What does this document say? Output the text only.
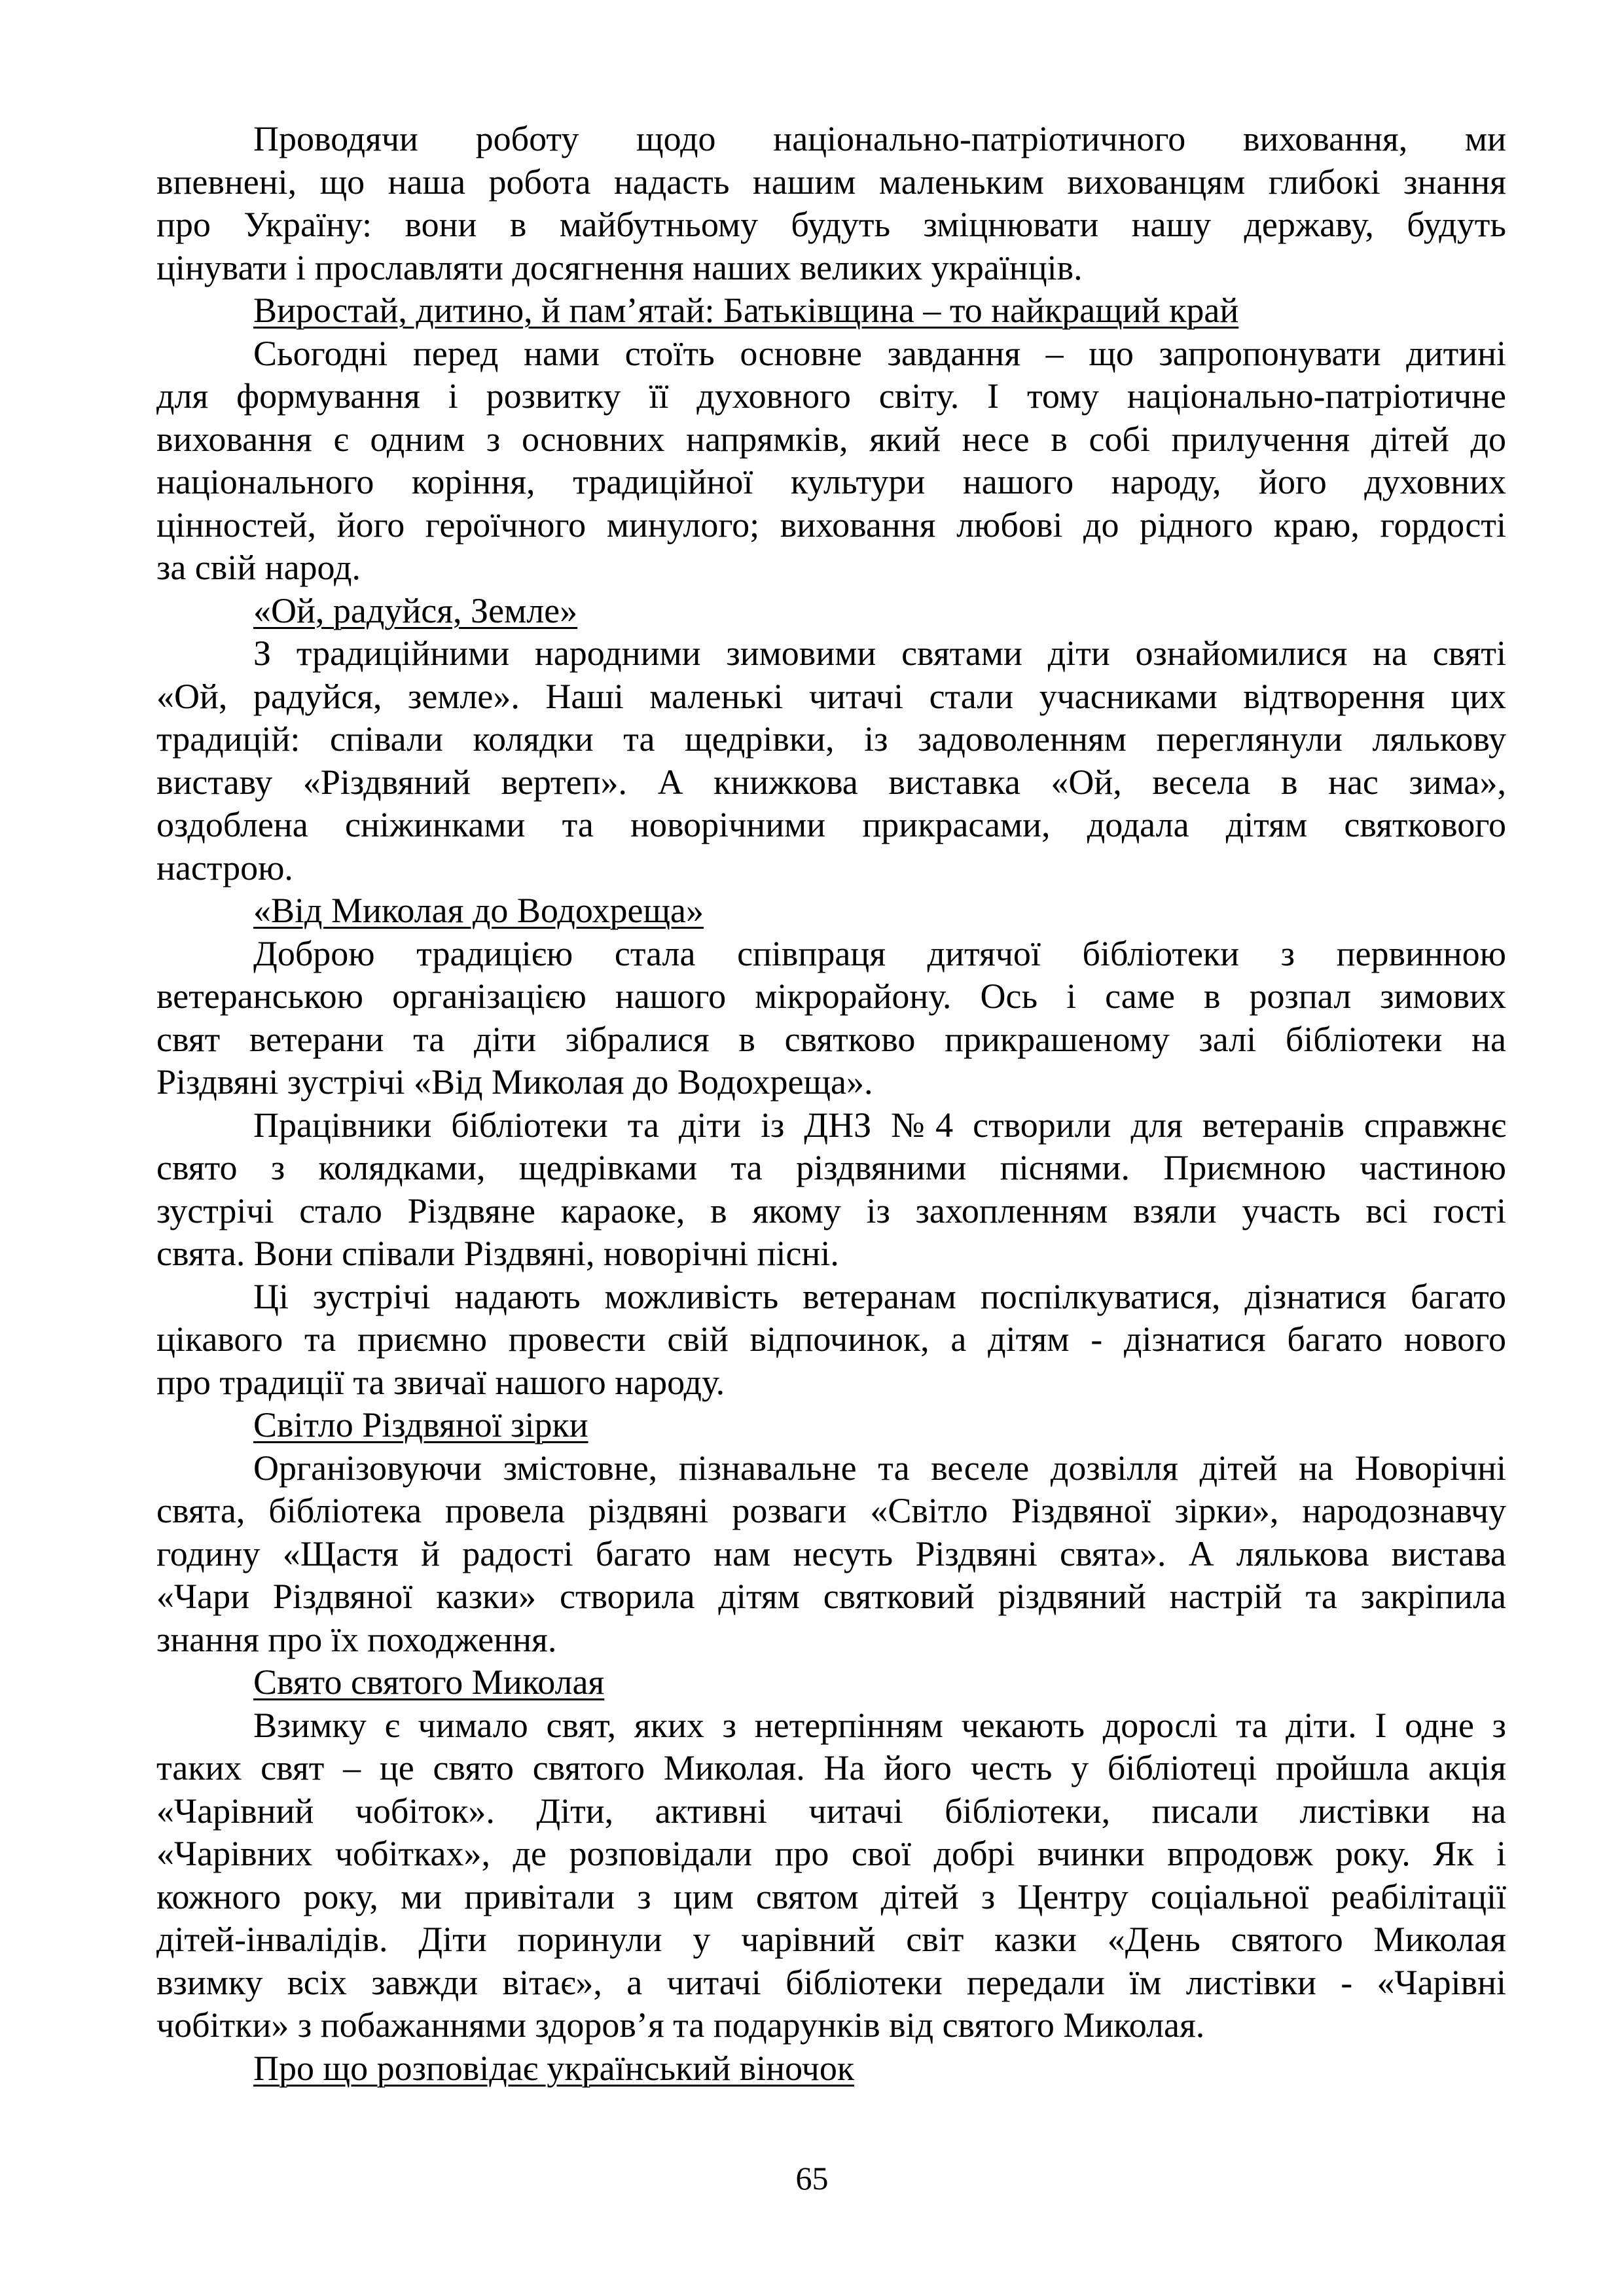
Проводячи роботу щодо національно-патріотичного виховання, ми
впевнені, що наша робота надасть нашим маленьким вихованцям глибокі знання
про Україну: вони в майбутньому будуть зміцнювати нашу державу, будуть
цінувати і прославляти досягнення наших великих українців.
Виростай, дитино, й пам’ятай: Батьківщина – то найкращий край
Сьогодні перед нами стоїть основне завдання – що запропонувати дитині
для формування і розвитку її духовного світу. І тому національно-патріотичне
виховання є одним з основних напрямків, який несе в собі прилучення дітей до
національного коріння, традиційної культури нашого народу, його духовних
цінностей, його героїчного минулого; виховання любові до рідного краю, гордості
за свій народ.
«Ой, радуйся, Земле»
З традиційними народними зимовими святами діти ознайомилися на святі
«Ой, радуйся, земле». Наші маленькі читачі стали учасниками відтворення цих
традицій: співали колядки та щедрівки, із задоволенням переглянули лялькову
виставу «Різдвяний вертеп». А книжкова виставка «Ой, весела в нас зима»,
оздоблена сніжинками та новорічними прикрасами, додала дітям святкового
настрою.
«Від Миколая до Водохреща»
Доброю традицією стала співпраця дитячої бібліотеки з первинною
ветеранською організацією нашого мікрорайону. Ось і саме в розпал зимових
свят ветерани та діти зібралися в святково прикрашеному залі бібліотеки на
Різдвяні зустрічі «Від Миколая до Водохреща».
Працівники бібліотеки та діти із ДНЗ №4 створили для ветеранів справжнє
свято з колядками, щедрівками та різдвяними піснями. Приємною частиною
зустрічі стало Різдвяне караоке, в якому із захопленням взяли участь всі гості
свята. Вони співали Різдвяні, новорічні пісні.
Ці зустрічі надають можливість ветеранам поспілкуватися, дізнатися багато
цікавого та приємно провести свій відпочинок, а дітям - дізнатися багато нового
про традиції та звичаї нашого народу.
Світло Різдвяної зірки
Організовуючи змістовне, пізнавальне та веселе дозвілля дітей на Новорічні
свята, бібліотека провела різдвяні розваги «Світло Різдвяної зірки», народознавчу
годину «Щастя й радості багато нам несуть Різдвяні свята». А лялькова вистава
«Чари Різдвяної казки» створила дітям святковий різдвяний настрій та закріпила
знання про їх походження.
Свято святого Миколая
Взимку є чимало свят, яких з нетерпінням чекають дорослі та діти. І одне з
таких свят – це свято святого Миколая. На його честь у бібліотеці пройшла акція
«Чарівний чобіток». Діти, активні читачі бібліотеки, писали листівки на
«Чарівних чобітках», де розповідали про свої добрі вчинки впродовж року. Як і
кожного року, ми привітали з цим святом дітей з Центру соціальної реабілітації
дітей-інвалідів. Діти поринули у чарівний світ казки «День святого Миколая
взимку всіх завжди вітає», а читачі бібліотеки передали їм листівки - «Чарівні
чобітки» з побажаннями здоров’я та подарунків від святого Миколая.
Про що розповідає український віночок
65
